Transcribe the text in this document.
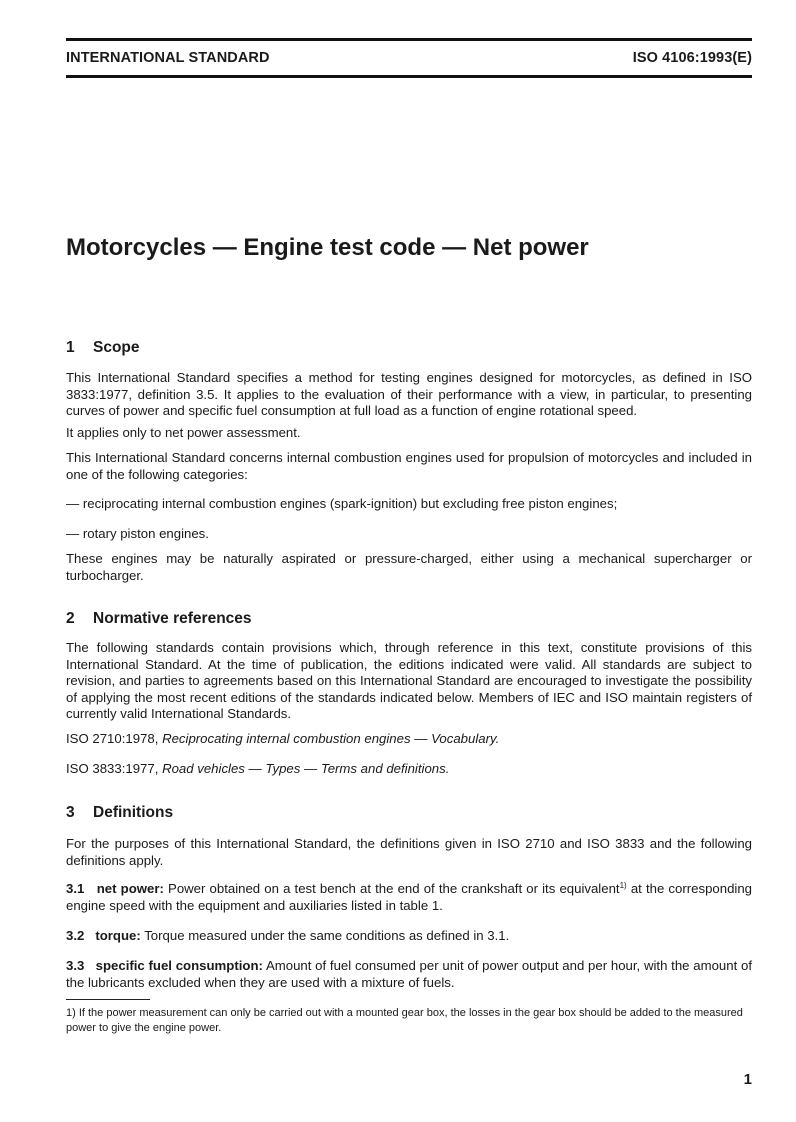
INTERNATIONAL STANDARD	ISO 4106:1993(E)
Motorcycles — Engine test code — Net power
1 Scope

This International Standard specifies a method for testing engines designed for motorcycles, as defined in ISO 3833:1977, definition 3.5. It applies to the evaluation of their performance with a view, in particular, to presenting curves of power and specific fuel consumption at full load as a function of engine rotational speed.

It applies only to net power assessment.

This International Standard concerns internal combustion engines used for propulsion of motorcycles and included in one of the following categories:

— reciprocating internal combustion engines (spark-ignition) but excluding free piston engines;

— rotary piston engines.

These engines may be naturally aspirated or pressure-charged, either using a mechanical supercharger or turbocharger.

2 Normative references

The following standards contain provisions which, through reference in this text, constitute provisions of this International Standard. At the time of publication, the editions indicated were valid. All standards are subject to revision, and parties to agreements based on this International Standard are encouraged to investigate the possibility of applying the most recent editions of the standards indicated below. Members of IEC and ISO maintain registers of currently valid International Standards.

ISO 2710:1978, Reciprocating internal combustion engines — Vocabulary.

ISO 3833:1977, Road vehicles — Types — Terms and definitions.

3 Definitions

For the purposes of this International Standard, the definitions given in ISO 2710 and ISO 3833 and the following definitions apply.

3.1 net power: Power obtained on a test bench at the end of the crankshaft or its equivalent$^{1)}$ at the corresponding engine speed with the equipment and auxiliaries listed in table 1.

3.2 torque: Torque measured under the same conditions as defined in 3.1.

3.3 specific fuel consumption: Amount of fuel consumed per unit of power output and per hour, with the amount of the lubricants excluded when they are used with a mixture of fuels.

1) If the power measurement can only be carried out with a mounted gear box, the losses in the gear box should be added to the measured power to give the engine power.

1
